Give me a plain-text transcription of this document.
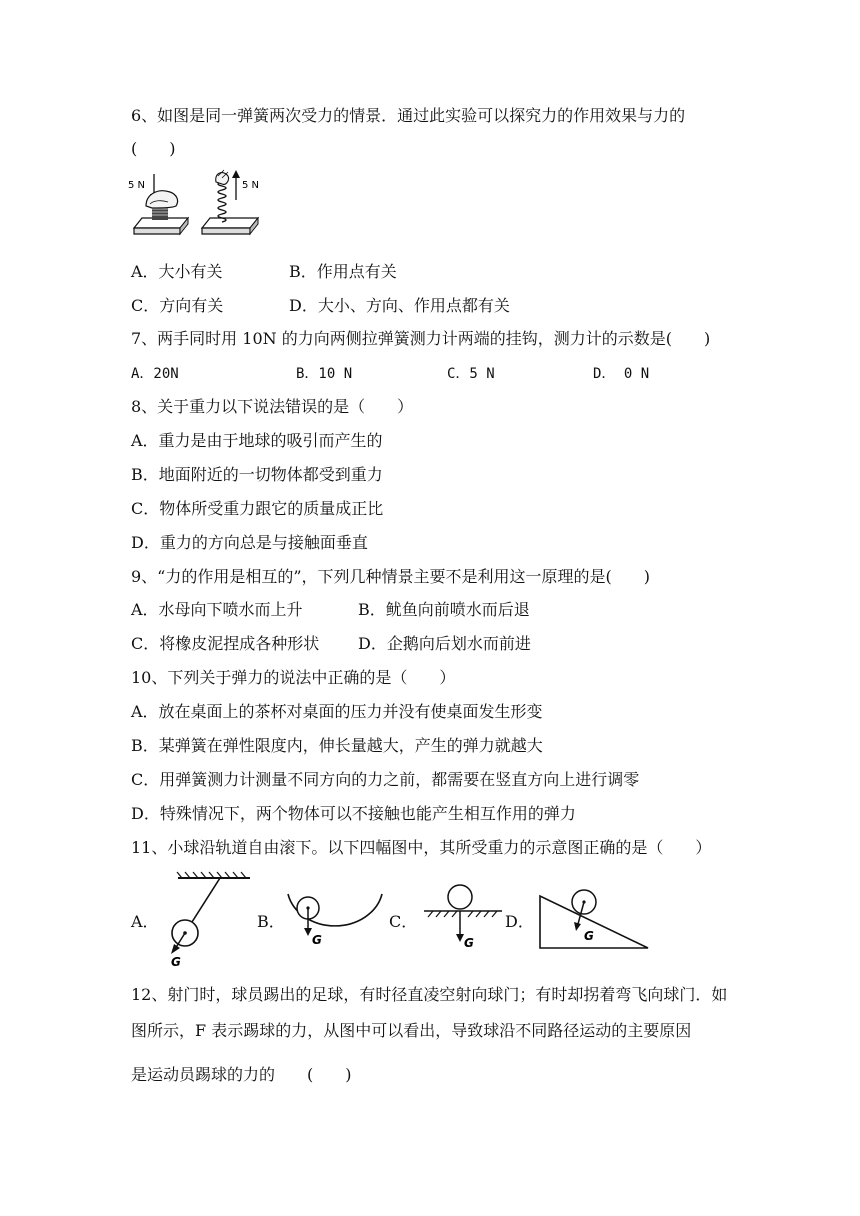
6、如图是同一弹簧两次受力的情景．通过此实验可以探究力的作用效果与力的
(　　)
5 N	5 N
A．大小有关	B．作用点有关
C．方向有关	D．大小、方向、作用点都有关
7、两手同时用 10N 的力向两侧拉弹簧测力计两端的挂钩，测力计的示数是(　　)
A．20N	B．10 N	C．5 N	D． 0 N
8、关于重力以下说法错误的是（　　）
A．重力是由于地球的吸引而产生的
B．地面附近的一切物体都受到重力
C．物体所受重力跟它的质量成正比
D．重力的方向总是与接触面垂直
9、“力的作用是相互的”，下列几种情景主要不是利用这一原理的是(　　)
A．水母向下喷水而上升	B．鱿鱼向前喷水而后退
C．将橡皮泥捏成各种形状 D．企鹅向后划水而前进
10、下列关于弹力的说法中正确的是（　　）
A．放在桌面上的茶杯对桌面的压力并没有使桌面发生形变
B．某弹簧在弹性限度内，伸长量越大，产生的弹力就越大
C．用弹簧测力计测量不同方向的力之前，都需要在竖直方向上进行调零
D．特殊情况下，两个物体可以不接触也能产生相互作用的弹力
11、小球沿轨道自由滚下。以下四幅图中，其所受重力的示意图正确的是（　　）
A．
G
B．
G
C．
G
D．
G
12、射门时，球员踢出的足球，有时径直凌空射向球门；有时却拐着弯飞向球门．如
图所示，F 表示踢球的力，从图中可以看出，导致球沿不同路径运动的主要原因
是运动员踢球的力的　　(　　)
